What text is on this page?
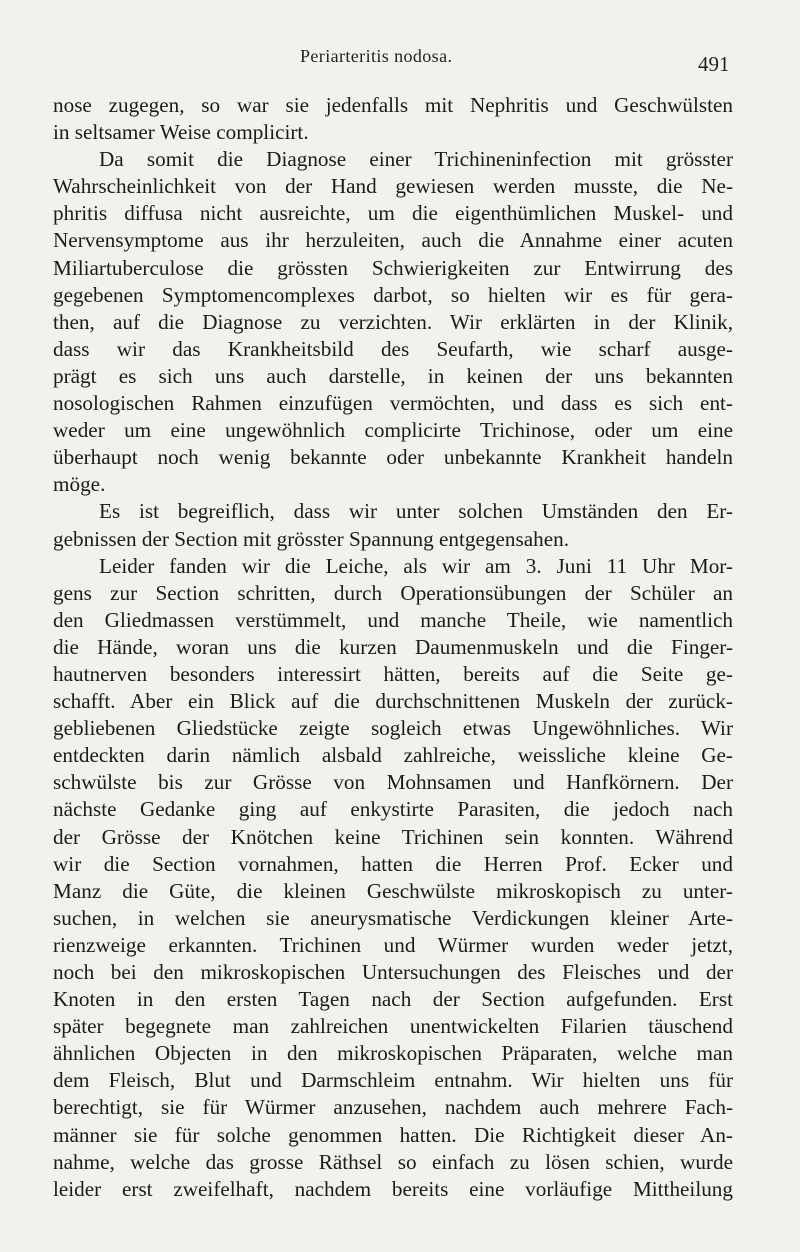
Periarteritis nodosa.	491
nose zugegen, so war sie jedenfalls mit Nephritis und Geschwülsten
in seltsamer Weise complicirt.
Da somit die Diagnose einer Trichineninfection mit grösster
Wahrscheinlichkeit von der Hand gewiesen werden musste, die Ne-
phritis diffusa nicht ausreichte, um die eigenthümlichen Muskel- und
Nervensymptome aus ihr herzuleiten, auch die Annahme einer acuten
Miliartuberculose die grössten Schwierigkeiten zur Entwirrung des
gegebenen Symptomencomplexes darbot, so hielten wir es für gera-
then, auf die Diagnose zu verzichten. Wir erklärten in der Klinik,
dass wir das Krankheitsbild des Seufarth, wie scharf ausge-
prägt es sich uns auch darstelle, in keinen der uns bekannten
nosologischen Rahmen einzufügen vermöchten, und dass es sich ent-
weder um eine ungewöhnlich complicirte Trichinose, oder um eine
überhaupt noch wenig bekannte oder unbekannte Krankheit handeln
möge.
Es ist begreiflich, dass wir unter solchen Umständen den Er-
gebnissen der Section mit grösster Spannung entgegensahen.
Leider fanden wir die Leiche, als wir am 3. Juni 11 Uhr Mor-
gens zur Section schritten, durch Operationsübungen der Schüler an
den Gliedmassen verstümmelt, und manche Theile, wie namentlich
die Hände, woran uns die kurzen Daumenmuskeln und die Finger-
hautnerven besonders interessirt hätten, bereits auf die Seite ge-
schafft. Aber ein Blick auf die durchschnittenen Muskeln der zurück-
gebliebenen Gliedstücke zeigte sogleich etwas Ungewöhnliches. Wir
entdeckten darin nämlich alsbald zahlreiche, weissliche kleine Ge-
schwülste bis zur Grösse von Mohnsamen und Hanfkörnern. Der
nächste Gedanke ging auf enkystirte Parasiten, die jedoch nach
der Grösse der Knötchen keine Trichinen sein konnten. Während
wir die Section vornahmen, hatten die Herren Prof. Ecker und
Manz die Güte, die kleinen Geschwülste mikroskopisch zu unter-
suchen, in welchen sie aneurysmatische Verdickungen kleiner Arte-
rienzweige erkannten. Trichinen und Würmer wurden weder jetzt,
noch bei den mikroskopischen Untersuchungen des Fleisches und der
Knoten in den ersten Tagen nach der Section aufgefunden. Erst
später begegnete man zahlreichen unentwickelten Filarien täuschend
ähnlichen Objecten in den mikroskopischen Präparaten, welche man
dem Fleisch, Blut und Darmschleim entnahm. Wir hielten uns für
berechtigt, sie für Würmer anzusehen, nachdem auch mehrere Fach-
männer sie für solche genommen hatten. Die Richtigkeit dieser An-
nahme, welche das grosse Räthsel so einfach zu lösen schien, wurde
leider erst zweifelhaft, nachdem bereits eine vorläufige Mittheilung
